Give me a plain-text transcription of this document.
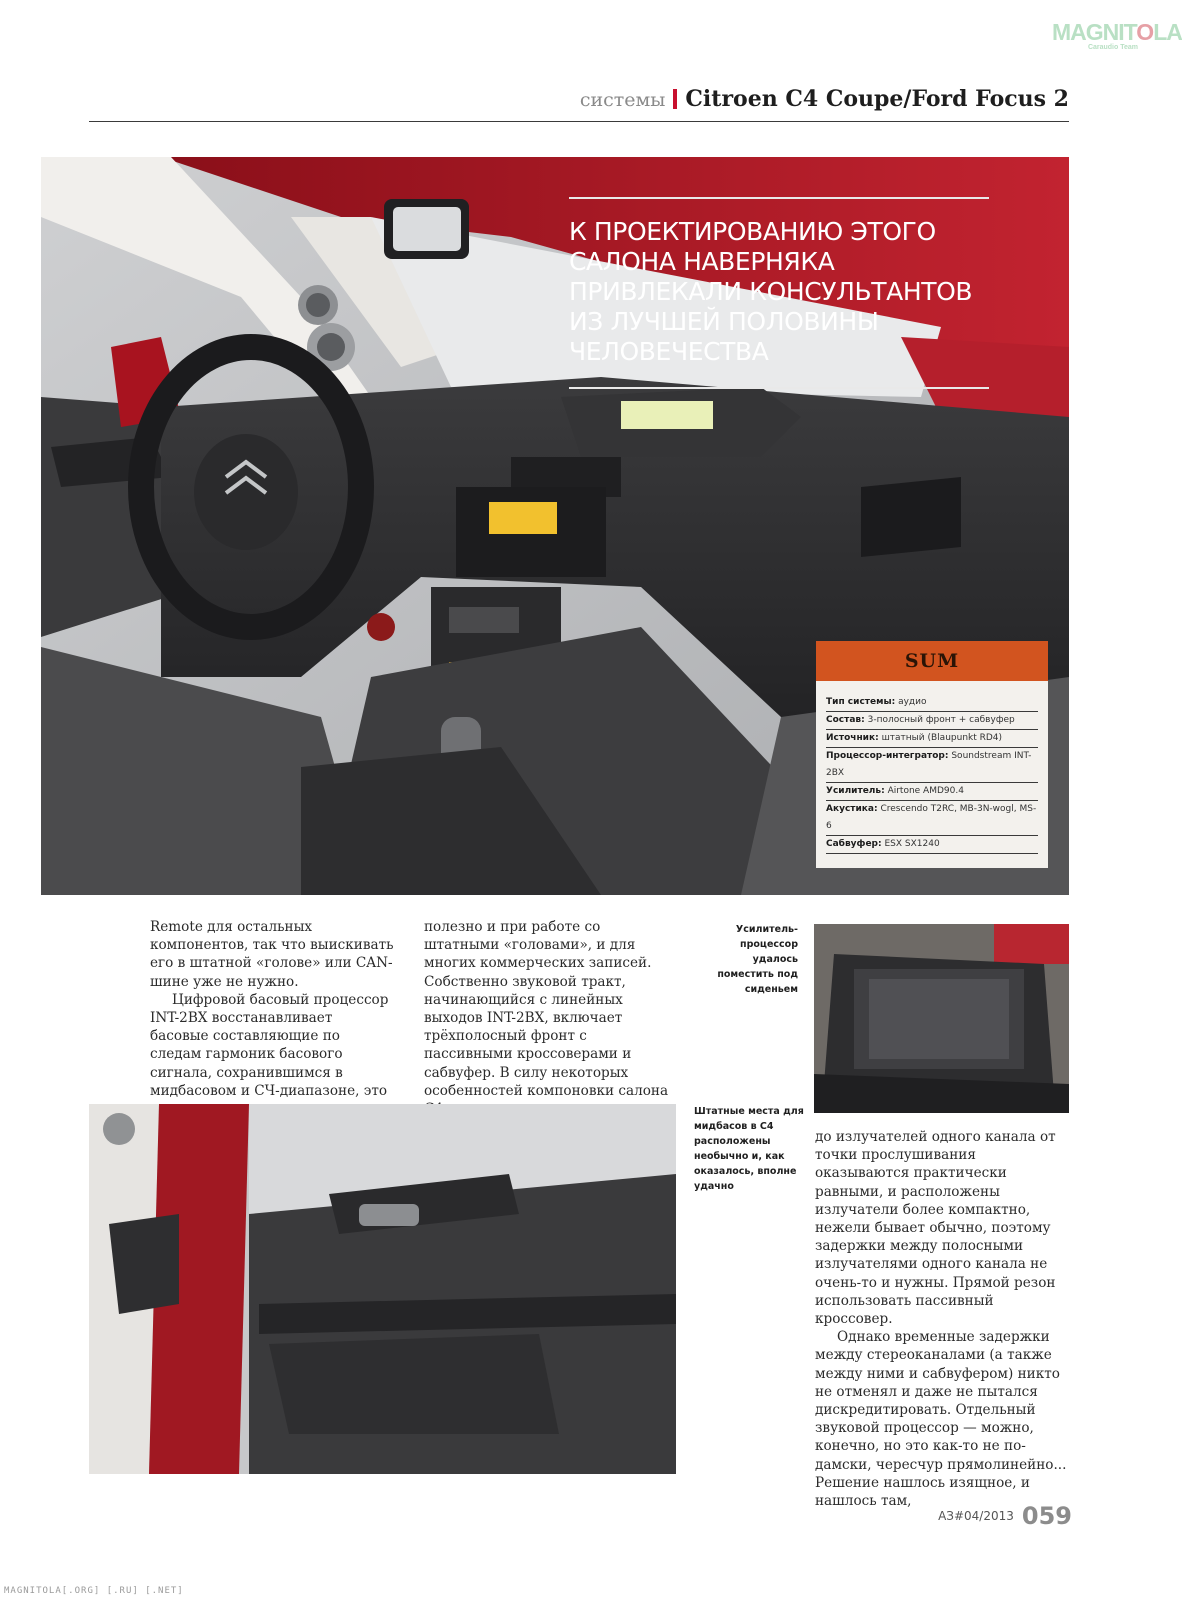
MAGNITOLA
Caraudio Team
системы Citroen C4 Coupe/Ford Focus 2
К ПРОЕКТИРОВАНИЮ ЭТОГО САЛОНА НАВЕРНЯКА ПРИВЛЕКАЛИ КОНСУЛЬТАНТОВ ИЗ ЛУЧШЕЙ ПОЛОВИНЫ ЧЕЛОВЕЧЕСТВА
SUM
Тип системы: аудио
Состав: 3-полосный фронт + сабвуфер
Источник: штатный (Blaupunkt RD4)
Процессор-интегратор: Soundstream INT-2BX
Усилитель: Airtone AMD90.4
Акустика: Crescendo T2RC, MB-3N-wogl, MS-6
Сабвуфер: ESX SX1240

Remote для остальных компонентов, так что выискивать его в штатной «голове» или CAN-шине уже не нужно.

Цифровой басовый процессор INT-2BX восстанавливает басовые составляющие по следам гармоник басового сигнала, сохранившимся в мидбасовом и СЧ-диапазоне, это

полезно и при работе со штатными «головами», и для многих коммерческих записей. Собственно звуковой тракт, начинающийся с линейных выходов INT-2BX, включает трёхполосный фронт с пассивными кроссоверами и сабвуфер. В силу некоторых особенностей компоновки салона

Усилитель-процессор удалось поместить под сиденьем
Штатные места для мидбасов в C4 расположены необычно и, как оказалось, вполне удачно

до излучателей одного канала от точки прослушивания оказываются практически равными, и расположены излучатели более компактно, нежели бывает обычно, поэтому задержки между полосными излучателями одного канала не очень-то и нужны. Прямой резон использовать пассивный кроссовер.

Однако временные задержки между стереоканалами (а также между ними и сабвуфером) никто не отменял и даже не пытался дискредитировать. Отдельный звуковой процессор — можно, конечно, но это как-то не по-дамски, чересчур прямолинейно... Решение нашлось изящное, и нашлось там,

$^{АЗ\#04/2013}$ 059
MAGNITOLA[.ORG] [.RU] [.NET]
